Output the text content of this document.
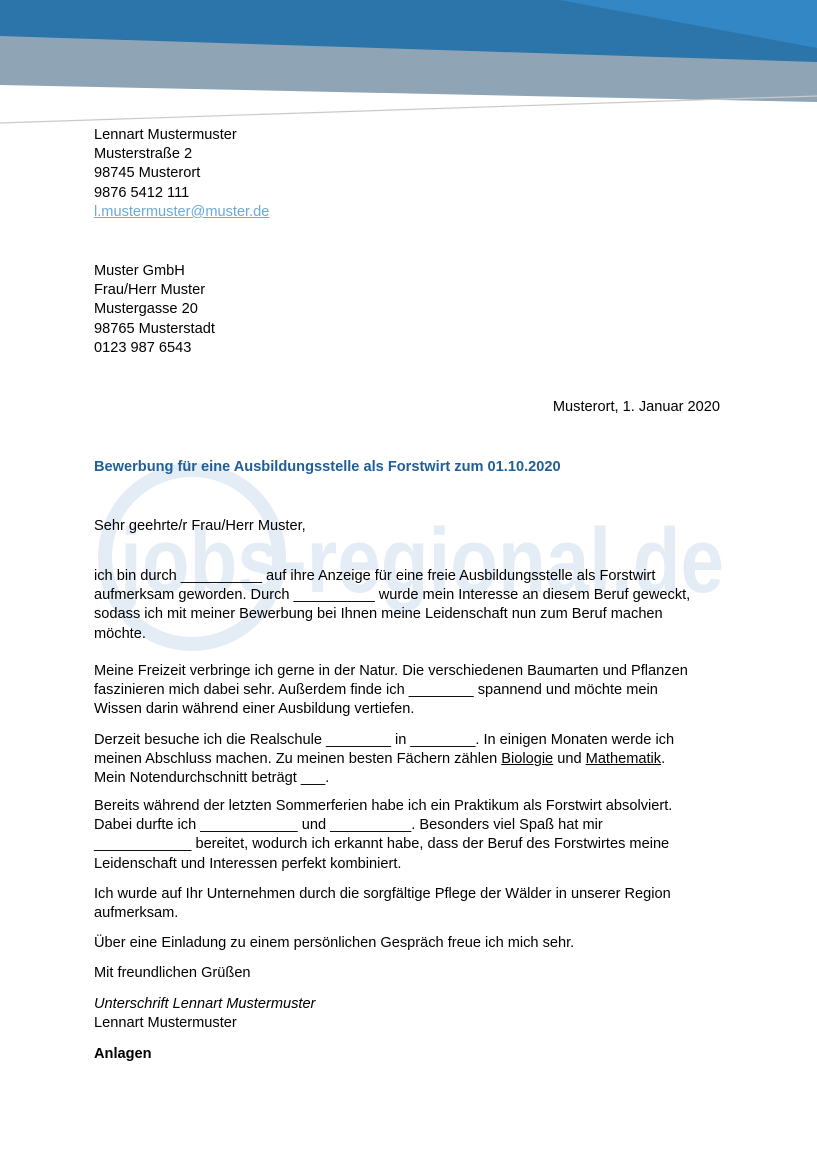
jobs-regional.de
Lennart Mustermuster
Musterstraße 2
98745 Musterort
9876 5412 111
l.mustermuster@muster.de
Muster GmbH
Frau/Herr Muster
Mustergasse 20
98765 Musterstadt
0123 987 6543
Musterort, 1. Januar 2020
Bewerbung für eine Ausbildungsstelle als Forstwirt zum 01.10.2020
Sehr geehrte/r Frau/Herr Muster,
ich bin durch __________ auf ihre Anzeige für eine freie Ausbildungsstelle als Forstwirt
aufmerksam geworden. Durch __________ wurde mein Interesse an diesem Beruf geweckt,
sodass ich mit meiner Bewerbung bei Ihnen meine Leidenschaft nun zum Beruf machen
möchte.
Meine Freizeit verbringe ich gerne in der Natur. Die verschiedenen Baumarten und Pflanzen
faszinieren mich dabei sehr. Außerdem finde ich ________ spannend und möchte mein
Wissen darin während einer Ausbildung vertiefen.
Derzeit besuche ich die Realschule ________ in ________. In einigen Monaten werde ich
meinen Abschluss machen. Zu meinen besten Fächern zählen Biologie und Mathematik.
Mein Notendurchschnitt beträgt ___.
Bereits während der letzten Sommerferien habe ich ein Praktikum als Forstwirt absolviert.
Dabei durfte ich ____________ und __________. Besonders viel Spaß hat mir
____________ bereitet, wodurch ich erkannt habe, dass der Beruf des Forstwirtes meine
Leidenschaft und Interessen perfekt kombiniert.
Ich wurde auf Ihr Unternehmen durch die sorgfältige Pflege der Wälder in unserer Region
aufmerksam.
Über eine Einladung zu einem persönlichen Gespräch freue ich mich sehr.
Mit freundlichen Grüßen
Unterschrift Lennart Mustermuster
Lennart Mustermuster
Anlagen
